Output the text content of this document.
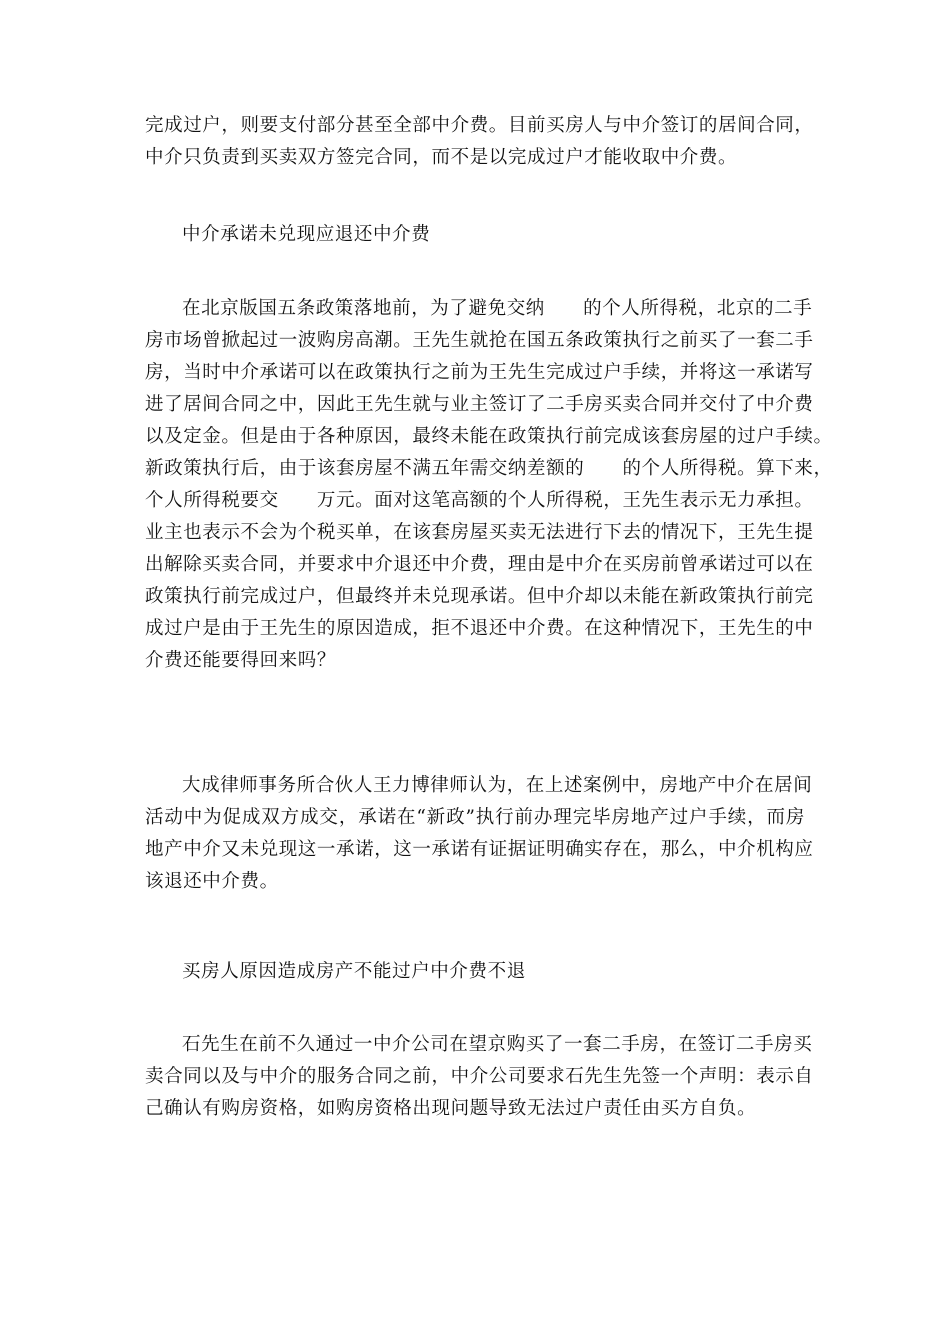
完成过户，则要支付部分甚至全部中介费。目前买房人与中介签订的居间合同，
中介只负责到买卖双方签完合同，而不是以完成过户才能收取中介费。
中介承诺未兑现应退还中介费
在北京版国五条政策落地前，为了避免交纳　　的个人所得税，北京的二手
房市场曾掀起过一波购房高潮。王先生就抢在国五条政策执行之前买了一套二手
房，当时中介承诺可以在政策执行之前为王先生完成过户手续，并将这一承诺写
进了居间合同之中，因此王先生就与业主签订了二手房买卖合同并交付了中介费
以及定金。但是由于各种原因，最终未能在政策执行前完成该套房屋的过户手续。
新政策执行后，由于该套房屋不满五年需交纳差额的　　的个人所得税。算下来，
个人所得税要交　　万元。面对这笔高额的个人所得税，王先生表示无力承担。
业主也表示不会为个税买单，在该套房屋买卖无法进行下去的情况下，王先生提
出解除买卖合同，并要求中介退还中介费，理由是中介在买房前曾承诺过可以在
政策执行前完成过户，但最终并未兑现承诺。但中介却以未能在新政策执行前完
成过户是由于王先生的原因造成，拒不退还中介费。在这种情况下，王先生的中
介费还能要得回来吗？
大成律师事务所合伙人王力博律师认为，在上述案例中，房地产中介在居间
活动中为促成双方成交，承诺在“新政”执行前办理完毕房地产过户手续，而房
地产中介又未兑现这一承诺，这一承诺有证据证明确实存在，那么，中介机构应
该退还中介费。
买房人原因造成房产不能过户中介费不退
石先生在前不久通过一中介公司在望京购买了一套二手房，在签订二手房买
卖合同以及与中介的服务合同之前，中介公司要求石先生先签一个声明：表示自
己确认有购房资格，如购房资格出现问题导致无法过户责任由买方自负。
